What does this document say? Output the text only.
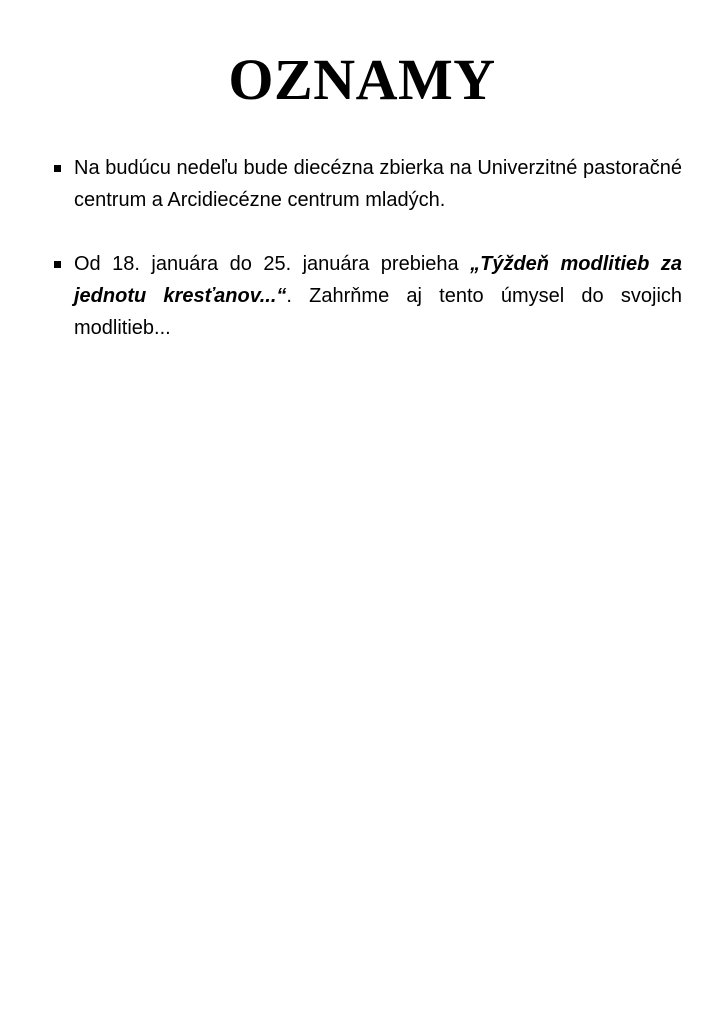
OZNAMY
Na budúcu nedeľu bude diecézna zbierka na Univerzitné pastoračné centrum a Arcidiecézne centrum mladých.
Od 18. januára do 25. januára prebieha „Týždeň modlitieb za jednotu kresťanov...“. Zahrňme aj tento úmysel do svojich modlitieb...
